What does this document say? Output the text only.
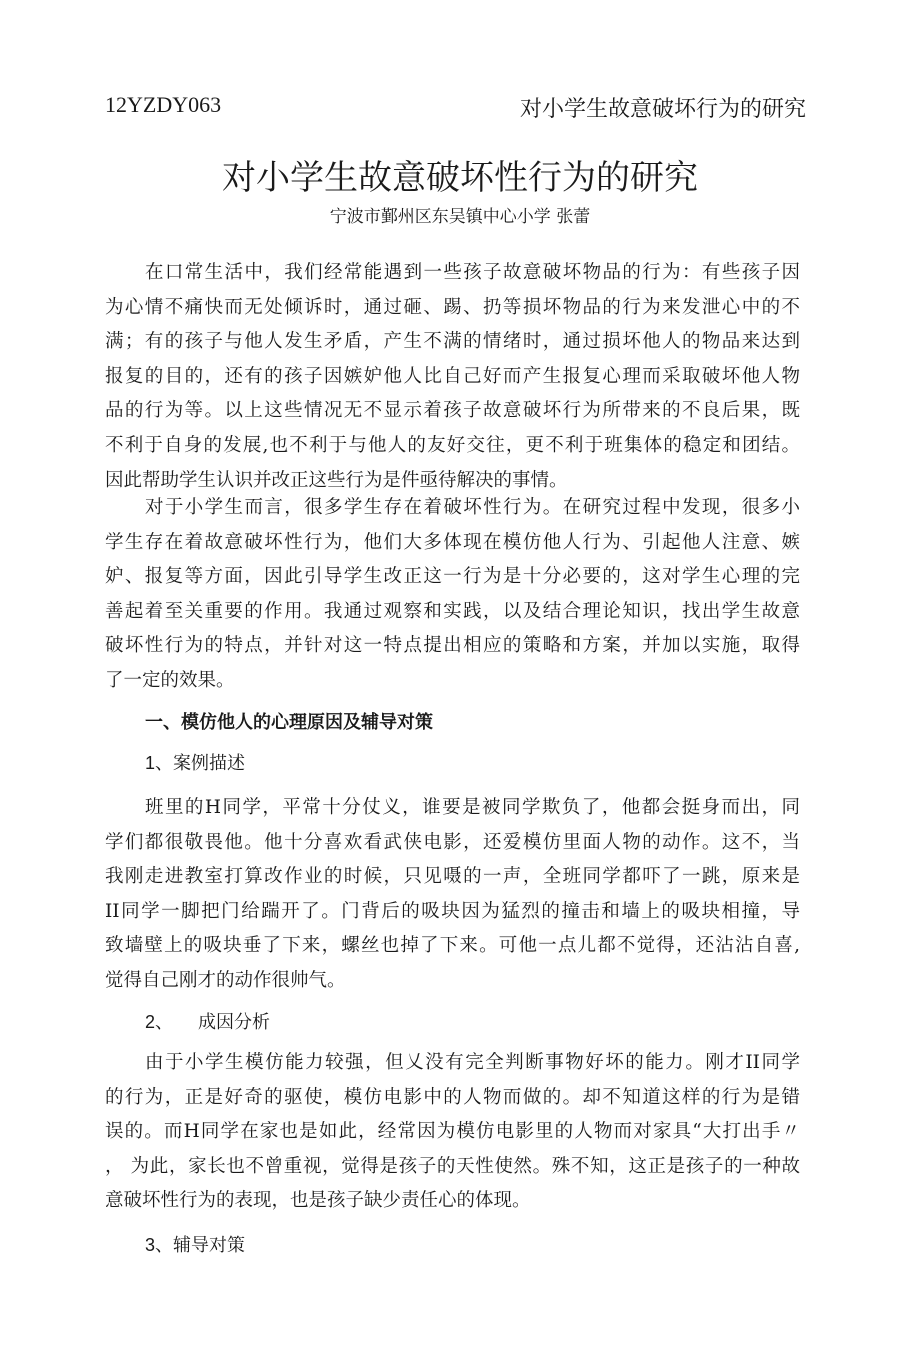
12YZDY063	对小学生故意破坏行为的研究
对小学生故意破坏性行为的研究
宁波市鄞州区东吴镇中心小学 张蕾
在口常生活中，我们经常能遇到一些孩子故意破坏物品的行为：有些孩子因
为心情不痛快而无处倾诉时，通过砸、踢、扔等损坏物品的行为来发泄心中的不
满；有的孩子与他人发生矛盾，产生不满的情绪时，通过损坏他人的物品来达到
报复的目的，还有的孩子因嫉妒他人比自己好而产生报复心理而采取破坏他人物
品的行为等。以上这些情况无不显示着孩子故意破坏行为所带来的不良后果，既
不利于自身的发展,也不利于与他人的友好交往，更不利于班集体的稳定和团结。
因此帮助学生认识并改正这些行为是件亟待解决的事情。
对于小学生而言，很多学生存在着破坏性行为。在研究过程中发现，很多小
学生存在着故意破坏性行为，他们大多体现在模仿他人行为、引起他人注意、嫉
妒、报复等方面，因此引导学生改正这一行为是十分必要的，这对学生心理的完
善起着至关重要的作用。我通过观察和实践，以及结合理论知识，找出学生故意
破坏性行为的特点，并针对这一特点提出相应的策略和方案，并加以实施，取得
了一定的效果。
班里的H同学，平常十分仗义，谁要是被同学欺负了，他都会挺身而出，同
学们都很敬畏他。他十分喜欢看武侠电影，还爱模仿里面人物的动作。这不，当
我刚走进教室打算改作业的时候，只见嗫的一声，全班同学都吓了一跳，原来是
II同学一脚把门给踹开了。门背后的吸块因为猛烈的撞击和墙上的吸块相撞，导
致墙壁上的吸块垂了下来，螺丝也掉了下来。可他一点儿都不觉得，还沾沾自喜,
觉得自己刚才的动作很帅气。
由于小学生模仿能力较强，但乂没有完全判断事物好坏的能力。刚才II同学
的行为，正是好奇的驱使，模仿电影中的人物而做的。却不知道这样的行为是错
误的。而H同学在家也是如此，经常因为模仿电影里的人物而对家具“大打出手〃
， 为此，家长也不曾重视，觉得是孩子的天性使然。殊不知，这正是孩子的一种故
意破坏性行为的表现，也是孩子缺少责任心的体现。
一、模仿他人的心理原因及辅导对策
1、案例描述
2、     成因分析
3、辅导对策
